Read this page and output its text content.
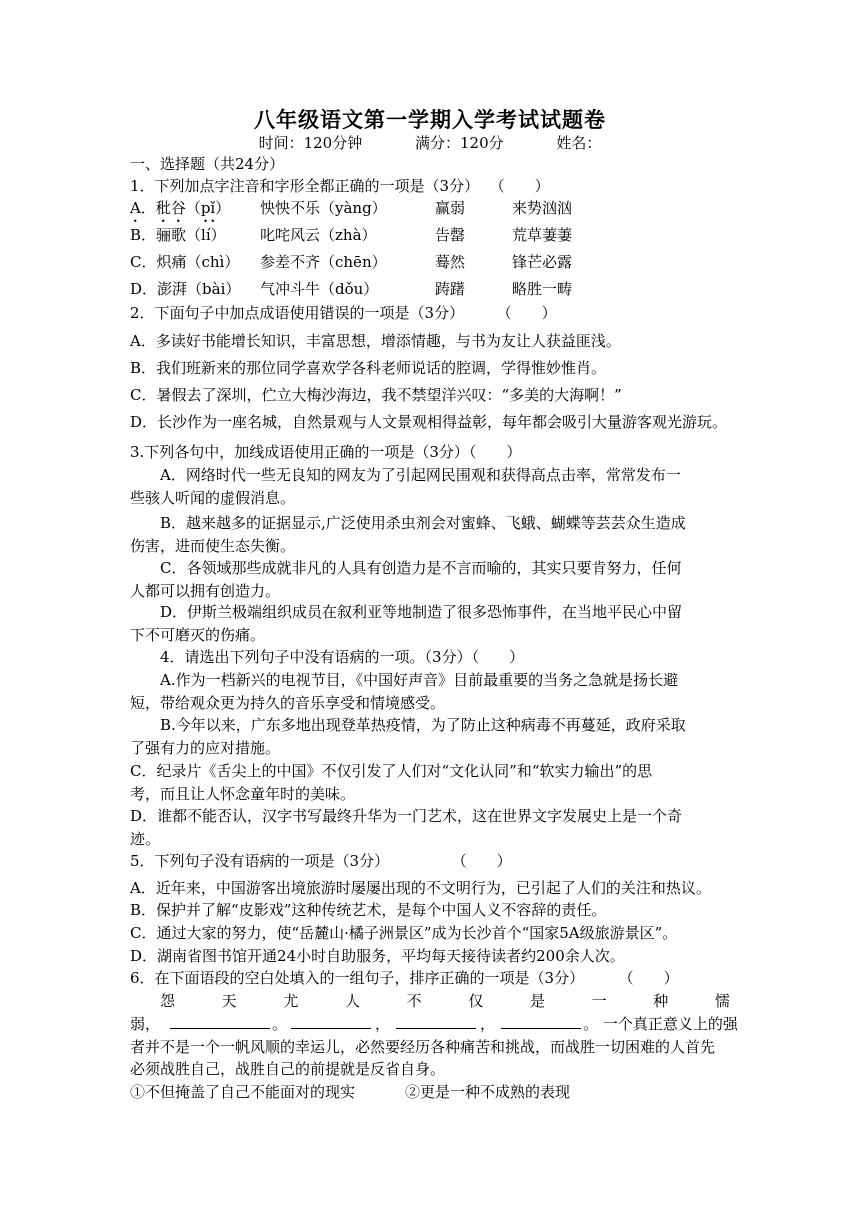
八年级语文第一学期入学考试试题卷
时间：120分钟	满分：120分	姓名：
一、选择题（共24分）
1．下列加点字注音和字形全都正确的一项是（3分） （　　）
A．秕谷（pǐ） 怏怏不乐（yàng）	赢弱	来势汹汹
B．骊歌（lí） 叱咤风云（zhà）	告罄	荒草萋萋
C．炽痛（chì） 参差不齐（chēn）	蓦然	锋芒必露
D．澎湃（bài） 气冲斗牛（dǒu）	踌躇	略胜一畴
2．下面句子中加点成语使用错误的一项是（3分）	（　　）
A．多读好书能增长知识，丰富思想，增添情趣，与书为友让人获益匪浅。
B．我们班新来的那位同学喜欢学各科老师说话的腔调，学得惟妙惟肖。
C．暑假去了深圳，伫立大梅沙海边，我不禁望洋兴叹：“多美的大海啊！”
D．长沙作为一座名城，自然景观与人文景观相得益彰，每年都会吸引大量游客观光游玩。
3.下列各句中，加线成语使用正确的一项是（3分）（　　）
A．网络时代一些无良知的网友为了引起网民围观和获得高点击率，常常发布一
些骇人听闻的虚假消息。
B．越来越多的证据显示,广泛使用杀虫剂会对蜜蜂、飞蛾、蝴蝶等芸芸众生造成
伤害，进而使生态失衡。
C．各领域那些成就非凡的人具有创造力是不言而喻的，其实只要肯努力，任何
人都可以拥有创造力。
D．伊斯兰极端组织成员在叙利亚等地制造了很多恐怖事件，在当地平民心中留
下不可磨灭的伤痛。
4．请选出下列句子中没有语病的一项。（3分）（　　）
A.作为一档新兴的电视节目，《中国好声音》目前最重要的当务之急就是扬长避
短，带给观众更为持久的音乐享受和情境感受。
B.今年以来，广东多地出现登革热疫情，为了防止这种病毒不再蔓延，政府采取
了强有力的应对措施。
C．纪录片《舌尖上的中国》不仅引发了人们对“文化认同”和“软实力输出”的思
考，而且让人怀念童年时的美味。
D．谁都不能否认，汉字书写最终升华为一门艺术，这在世界文字发展史上是一个奇
迹。
5．下列句子没有语病的一项是（3分）	（　　）
A．近年来，中国游客出境旅游时屡屡出现的不文明行为，已引起了人们的关注和热议。
B．保护并了解“皮影戏”这种传统艺术，是每个中国人义不容辞的责任。
C．通过大家的努力，使“岳麓山·橘子洲景区”成为长沙首个“国家5A级旅游景区”。
D．湖南省图书馆开通24小时自助服务，平均每天接待读者约200余人次。
6．在下面语段的空白处填入的一组句子，排序正确的一项是（3分）	（　　）
怨	天	尤	人	不	仅	是	一	种	懦
弱，	。	，	，	。 一个真正意义上的强
者并不是一个一帆风顺的幸运儿，必然要经历各种痛苦和挑战，而战胜一切困难的人首先
必须战胜自己，战胜自己的前提就是反省自身。
①不但掩盖了自己不能面对的现实	②更是一种不成熟的表现
